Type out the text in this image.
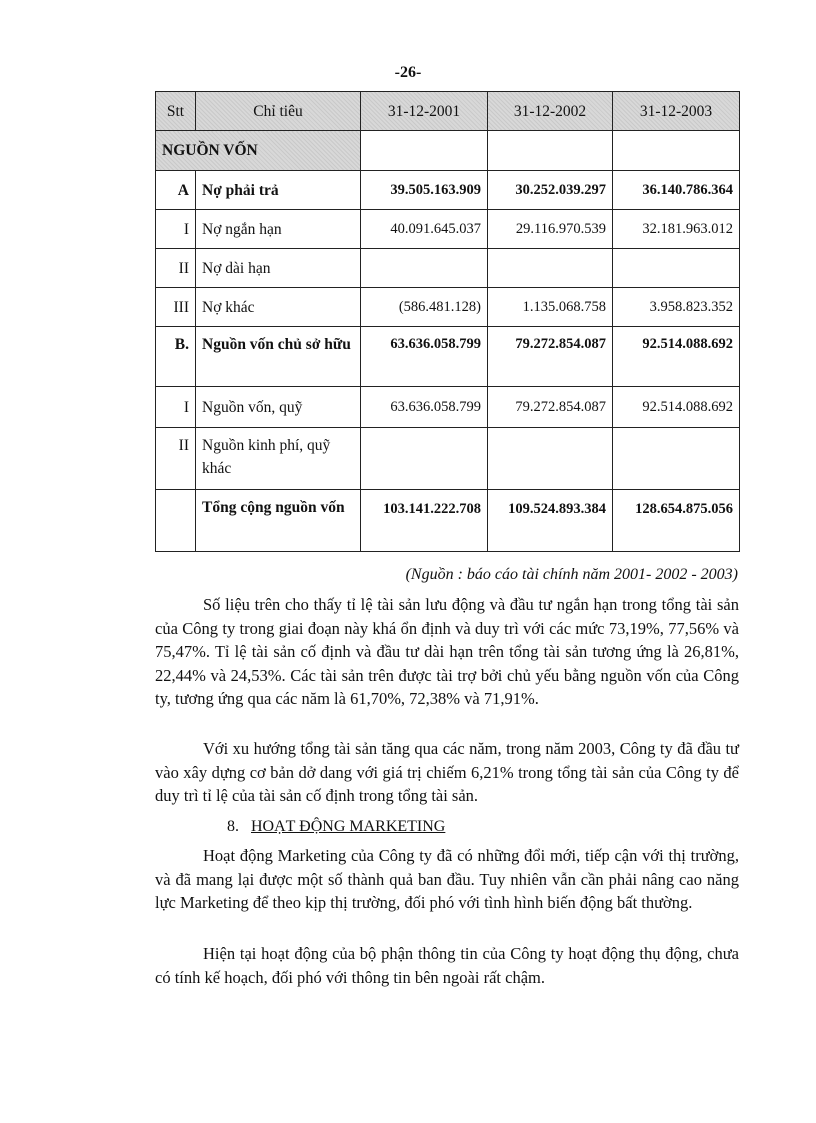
-26-
Stt	Chỉ tiêu	31-12-2001	31-12-2002	31-12-2003
NGUỒN VỐN				
A	Nợ phải trả	39.505.163.909	30.252.039.297	36.140.786.364
I	Nợ ngắn hạn	40.091.645.037	29.116.970.539	32.181.963.012
II	Nợ dài hạn			
III	Nợ khác	(586.481.128)	1.135.068.758	3.958.823.352
B.	Nguồn vốn chủ sở hữu	63.636.058.799	79.272.854.087	92.514.088.692
I	Nguồn vốn, quỹ	63.636.058.799	79.272.854.087	92.514.088.692
II	Nguồn kinh phí, quỹ khác			
	Tổng cộng nguồn vốn	103.141.222.708	109.524.893.384	128.654.875.056
(Nguồn : báo cáo tài chính năm 2001- 2002 - 2003)

Số liệu trên cho thấy tỉ lệ tài sản lưu động và đầu tư ngắn hạn trong tổng tài sản của Công ty trong giai đoạn này khá ổn định và duy trì với các mức 73,19%, 77,56% và 75,47%. Tỉ lệ tài sản cố định và đầu tư dài hạn trên tổng tài sản tương ứng là 26,81%, 22,44% và 24,53%. Các tài sản trên được tài trợ bởi chủ yếu bằng nguồn vốn của Công ty, tương ứng qua các năm là 61,70%, 72,38% và 71,91%.

Với xu hướng tổng tài sản tăng qua các năm, trong năm 2003, Công ty đã đầu tư vào xây dựng cơ bản dở dang với giá trị chiếm 6,21% trong tổng tài sản của Công ty để duy trì tỉ lệ của tài sản cố định trong tổng tài sản.

8. HOẠT ĐỘNG MARKETING

Hoạt động Marketing của Công ty đã có những đổi mới, tiếp cận với thị trường, và đã mang lại được một số thành quả ban đầu. Tuy nhiên vẫn cần phải nâng cao năng lực Marketing để theo kịp thị trường, đối phó với tình hình biến động bất thường.

Hiện tại hoạt động của bộ phận thông tin của Công ty hoạt động thụ động, chưa có tính kế hoạch, đối phó với thông tin bên ngoài rất chậm.
